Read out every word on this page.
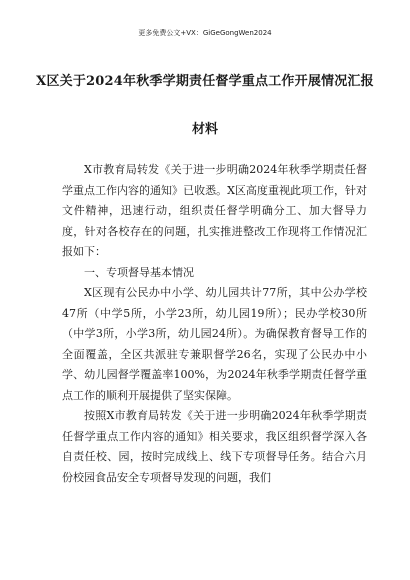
更多免费公文+VX：GiGeGongWen2024
X区关于2024年秋季学期责任督学重点工作开展情况汇报
材料

X市教育局转发《关于进一步明确2024年秋季学期责任督学重点工作内容的通知》已收悉。X区高度重视此项工作，针对文件精神，迅速行动，组织责任督学明确分工、加大督导力度，针对各校存在的问题，扎实推进整改工作现将工作情况汇报如下：

一、专项督导基本情况

X区现有公民办中小学、幼儿园共计77所，其中公办学校47所（中学5所，小学23所，幼儿园19所）；民办学校30所（中学3所，小学3所，幼儿园24所）。为确保教育督导工作的全面覆盖，全区共派驻专兼职督学26名，实现了公民办中小学、幼儿园督学覆盖率100%，为2024年秋季学期责任督学重点工作的顺利开展提供了坚实保障。

按照X市教育局转发《关于进一步明确2024年秋季学期责任督学重点工作内容的通知》相关要求，我区组织督学深入各自责任校、园，按时完成线上、线下专项督导任务。结合六月份校园食品安全专项督导发现的问题，我们
